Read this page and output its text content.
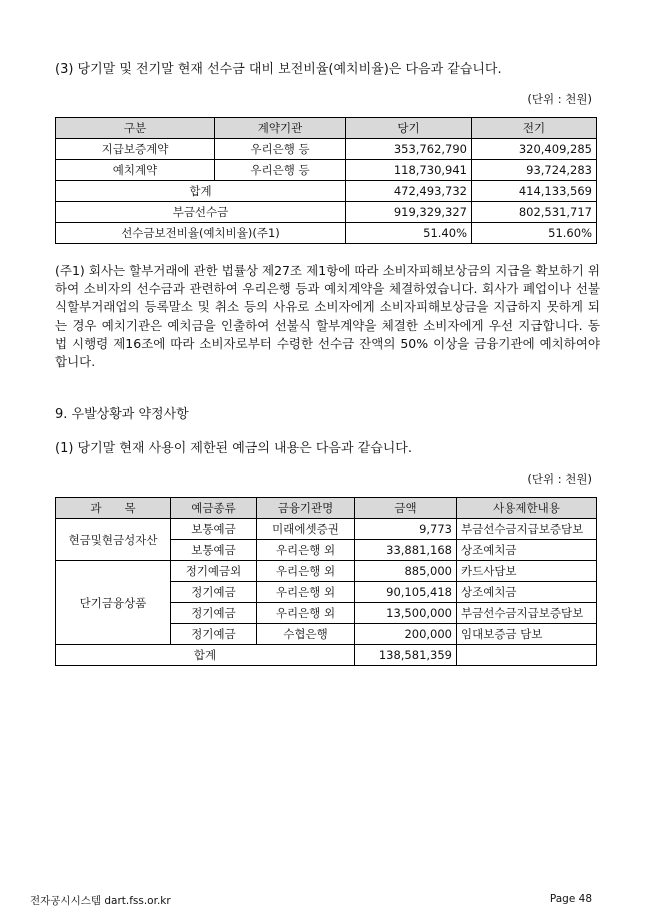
(3) 당기말 및 전기말 현재 선수금 대비 보전비율(예치비율)은 다음과 같습니다.
(단위 : 천원)
구분	계약기관	당기	전기
지급보증계약	우리은행 등	353,762,790	320,409,285
예치계약	우리은행 등	118,730,941	93,724,283
합계		472,493,732	414,133,569
부금선수금		919,329,327	802,531,717
선수금보전비율(예치비율)(주1)		51.40%	51.60%
(주1) 회사는 할부거래에 관한 법률상 제27조 제1항에 따라 소비자피해보상금의 지급을 확보하기 위하여 소비자의 선수금과 관련하여 우리은행 등과 예치계약을 체결하였습니다. 회사가 폐업이나 선불식할부거래업의 등록말소 및 취소 등의 사유로 소비자에게 소비자피해보상금을 지급하지 못하게 되는 경우 예치기관은 예치금을 인출하여 선불식 할부계약을 체결한 소비자에게 우선 지급합니다. 동 법 시행령 제16조에 따라 소비자로부터 수령한 선수금 잔액의 50% 이상을 금융기관에 예치하여야 합니다.
9. 우발상황과 약정사항
(1) 당기말 현재 사용이 제한된 예금의 내용은 다음과 같습니다.
(단위 : 천원)
과　　목	예금종류	금융기관명	금액	사용제한내용
현금및현금성자산	보통예금	미래에셋증권	9,773	부금선수금지급보증담보
	보통예금	우리은행 외	33,881,168	상조예치금
단기금융상품	정기예금외	우리은행 외	885,000	카드사담보
	정기예금	우리은행 외	90,105,418	상조예치금
	정기예금	우리은행 외	13,500,000	부금선수금지급보증담보
	정기예금	수협은행	200,000	임대보증금 담보
합계			138,581,359	
전자공시시스템 dart.fss.or.kr	Page 48
